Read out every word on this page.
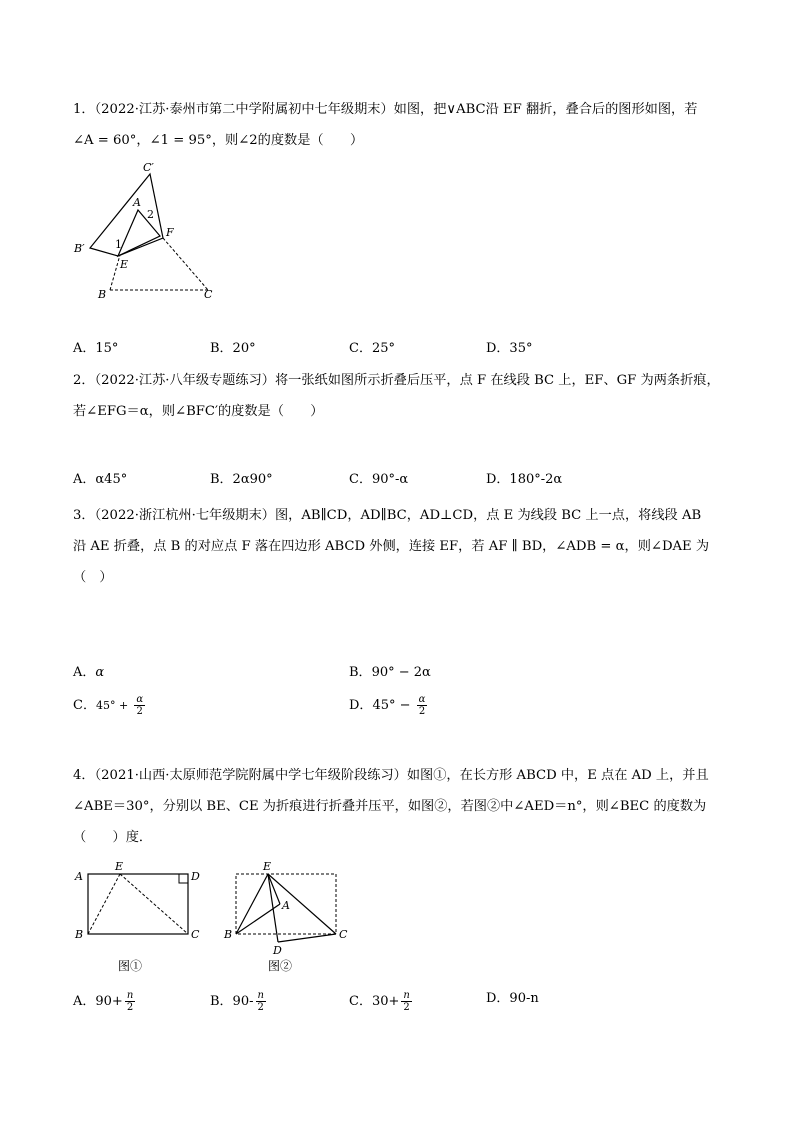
1．（2022·江苏·泰州市第二中学附属初中七年级期末）如图，把∨ABC沿 EF 翻折，叠合后的图形如图，若
∠A = 60°，∠1 = 95°，则∠2的度数是（　　）
C′
A
2
F
B′	1
E
B	C
A．15°	B．20°	C．25°	D．35°
2．（2022·江苏·八年级专题练习）将一张纸如图所示折叠后压平，点 F 在线段 BC 上，EF、GF 为两条折痕，
若∠EFG＝α，则∠BFC′的度数是（　　）
A．α45°	B．2α90°	C．90°-α	D．180°-2α
3．（2022·浙江杭州·七年级期末）图，AB∥CD，AD∥BC，AD⊥CD，点 E 为线段 BC 上一点，将线段 AB
沿 AE 折叠，点 B 的对应点 F 落在四边形 ABCD 外侧，连接 EF，若 AF ∥ BD，∠ADB = α，则∠DAE 为
（　）
A．α	B．90° − 2α
C．$45^\circ + \frac{\alpha}{2}$	D．$45^\circ - \frac{\alpha}{2}$
4．（2021·山西·太原师范学院附属中学七年级阶段练习）如图①，在长方形 ABCD 中，E 点在 AD 上，并且
∠ABE＝30°，分别以 BE、CE 为折痕进行折叠并压平，如图②，若图②中∠AED＝n°，则∠BEC 的度数为
（　　）度．
A
E
D
B	C
图①
E
A
B	C
D
图②
A．$90+ \frac{n}{2}$	B．$90- \frac{n}{2}$	C．$30+ \frac{n}{2}$	D．90-n
